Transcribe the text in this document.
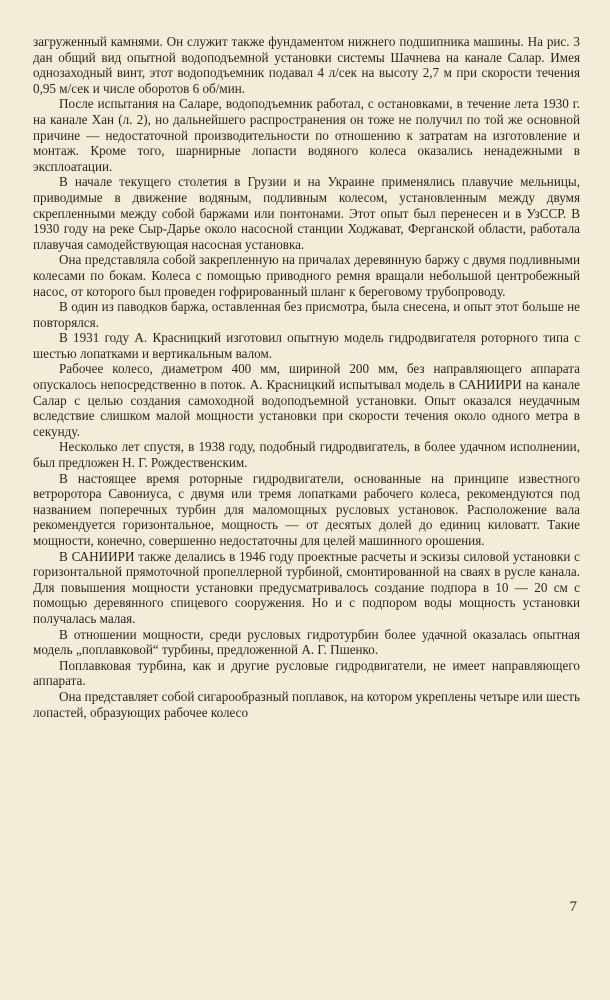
загруженный камнями. Он служит также фундаментом нижнего подшипника машины. На рис. 3 дан общий вид опытной водоподъемной установки системы Шачнева на канале Салар. Имея однозаходный винт, этот водоподъемник подавал 4 л/сек на высоту 2,7 м при скорости течения 0,95 м/сек и числе оборотов 6 об/мин.

После испытания на Саларе, водоподъемник работал, с остановками, в течение лета 1930 г. на канале Хан (л. 2), но дальнейшего распространения он тоже не получил по той же основной причине — недостаточной производительности по отношению к затратам на изготовление и монтаж. Кроме того, шарнирные лопасти водяного колеса оказались ненадежными в эксплоатации.

В начале текущего столетия в Грузии и на Украине применялись плавучие мельницы, приводимые в движение водяным, подливным колесом, установленным между двумя скрепленными между собой баржами или понтонами. Этот опыт был перенесен и в УзССР. В 1930 году на реке Сыр-Дарье около насосной станции Ходжават, Ферганской области, работала плавучая самодействующая насосная установка.

Она представляла собой закрепленную на причалах деревянную баржу с двумя подливными колесами по бокам. Колеса с помощью приводного ремня вращали небольшой центробежный насос, от которого был проведен гофрированный шланг к береговому трубопроводу.

В один из паводков баржа, оставленная без присмотра, была снесена, и опыт этот больше не повторялся.

В 1931 году А. Красницкий изготовил опытную модель гидродвигателя роторного типа с шестью лопатками и вертикальным валом.

Рабочее колесо, диаметром 400 мм, шириной 200 мм, без направляющего аппарата опускалось непосредственно в поток. А. Красницкий испытывал модель в САНИИРИ на канале Салар с целью создания самоходной водоподъемной установки. Опыт оказался неудачным вследствие слишком малой мощности установки при скорости течения около одного метра в секунду.

Несколько лет спустя, в 1938 году, подобный гидродвигатель, в более удачном исполнении, был предложен Н. Г. Рождественским.

В настоящее время роторные гидродвигатели, основанные на принципе известного ветроротора Савониуса, с двумя или тремя лопатками рабочего колеса, рекомендуются под названием поперечных турбин для маломощных русловых установок. Расположение вала рекомендуется горизонтальное, мощность — от десятых долей до единиц киловатт. Такие мощности, конечно, совершенно недостаточны для целей машинного орошения.

В САНИИРИ также делались в 1946 году проектные расчеты и эскизы силовой установки с горизонтальной прямоточной пропеллерной турбиной, смонтированной на сваях в русле канала. Для повышения мощности установки предусматривалось создание подпора в 10 — 20 см с помощью деревянного спицевого сооружения. Но и с подпором воды мощность установки получалась малая.

В отношении мощности, среди русловых гидротурбин более удачной оказалась опытная модель „поплавковой“ турбины, предложенной А. Г. Пшенко.

Поплавковая турбина, как и другие русловые гидродвигатели, не имеет направляющего аппарата.

Она представляет собой сигарообразный поплавок, на котором укреплены четыре или шесть лопастей, образующих рабочее колесо

7
